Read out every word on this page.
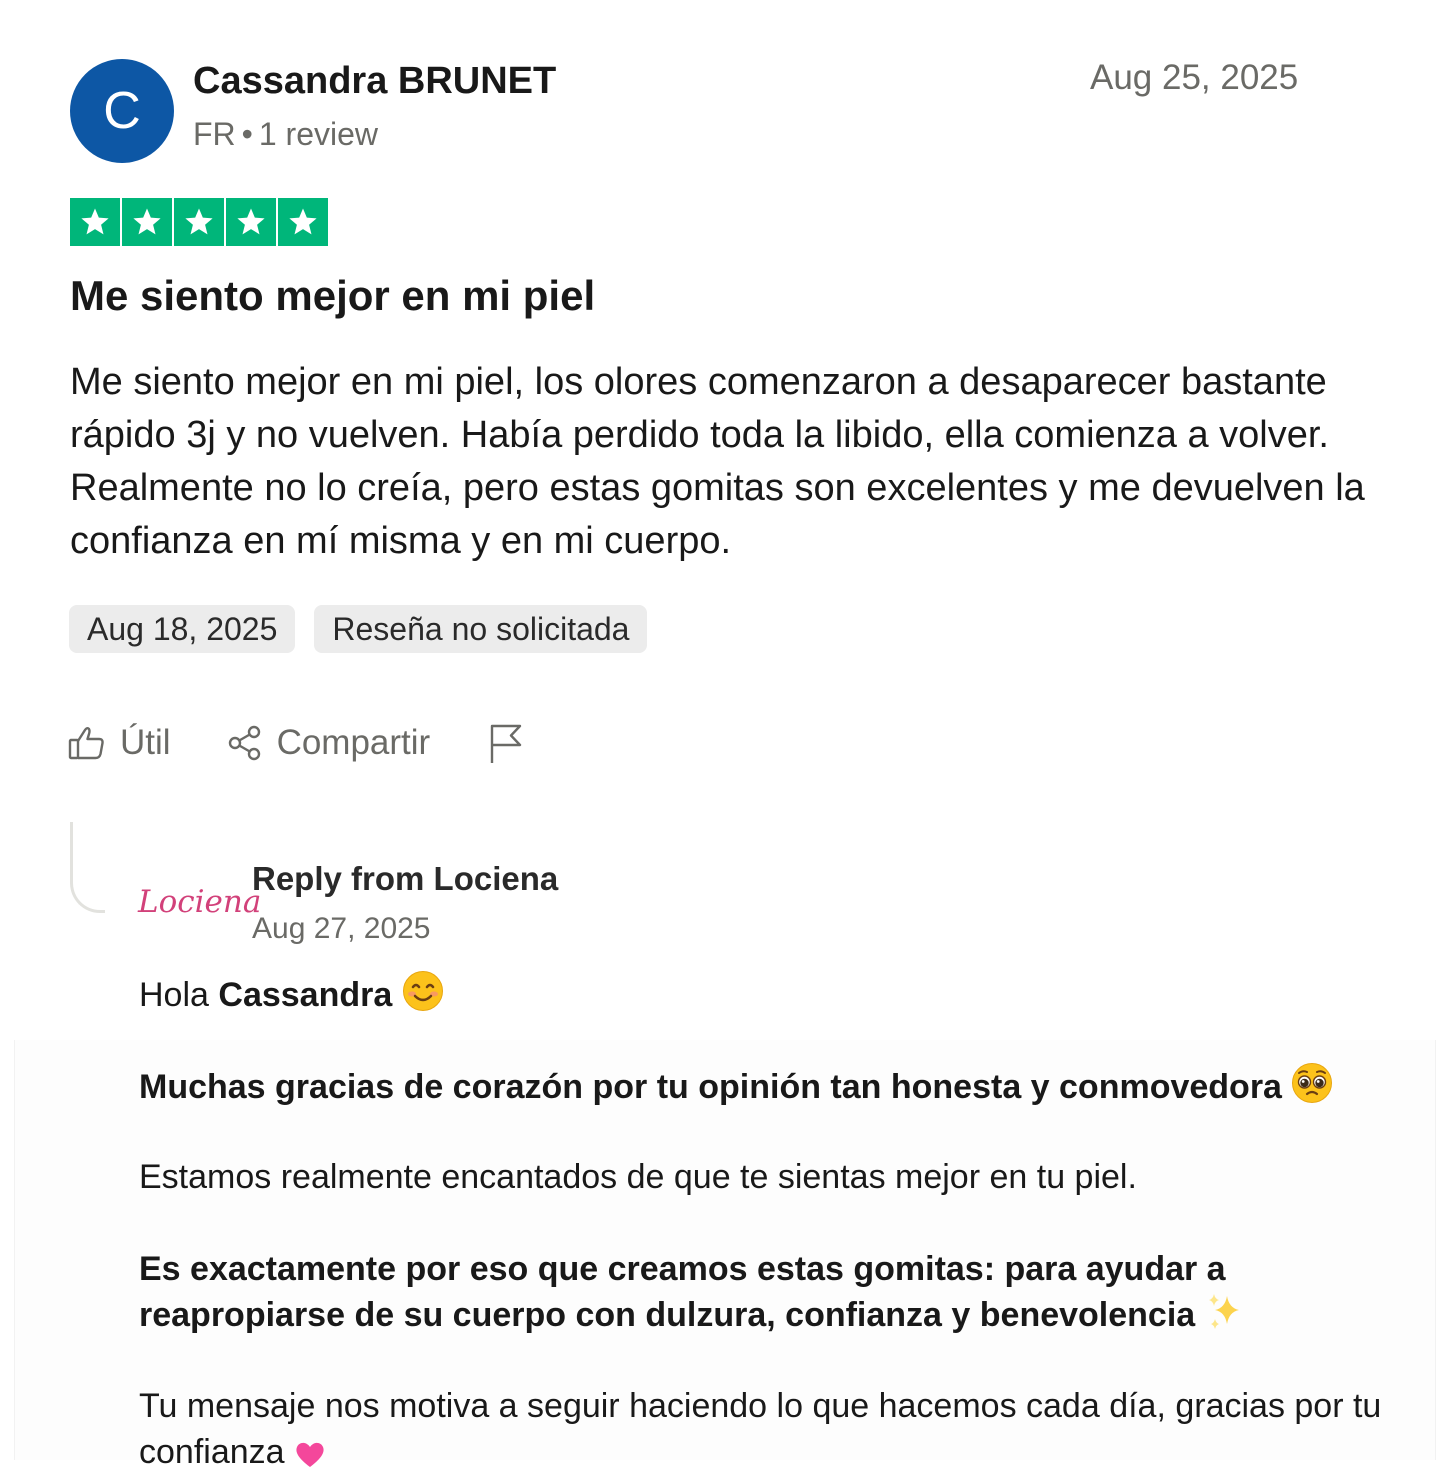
C
Cassandra BRUNET
FR • 1 review
Aug 25, 2025
Me siento mejor en mi piel
Me siento mejor en mi piel, los olores comenzaron a desaparecer bastante rápido 3j y no vuelven. Había perdido toda la libido, ella comienza a volver. Realmente no lo creía, pero estas gomitas son excelentes y me devuelven la confianza en mí misma y en mi cuerpo.
Aug 18, 2025	Reseña no solicitada
Útil	Compartir
Lociena
Reply from Lociena
Aug 27, 2025
Hola Cassandra
Muchas gracias de corazón por tu opinión tan honesta y conmovedora
Estamos realmente encantados de que te sientas mejor en tu piel.
Es exactamente por eso que creamos estas gomitas: para ayudar a reapropiarse de su cuerpo con dulzura, confianza y benevolencia
Tu mensaje nos motiva a seguir haciendo lo que hacemos cada día, gracias por tu confianza
